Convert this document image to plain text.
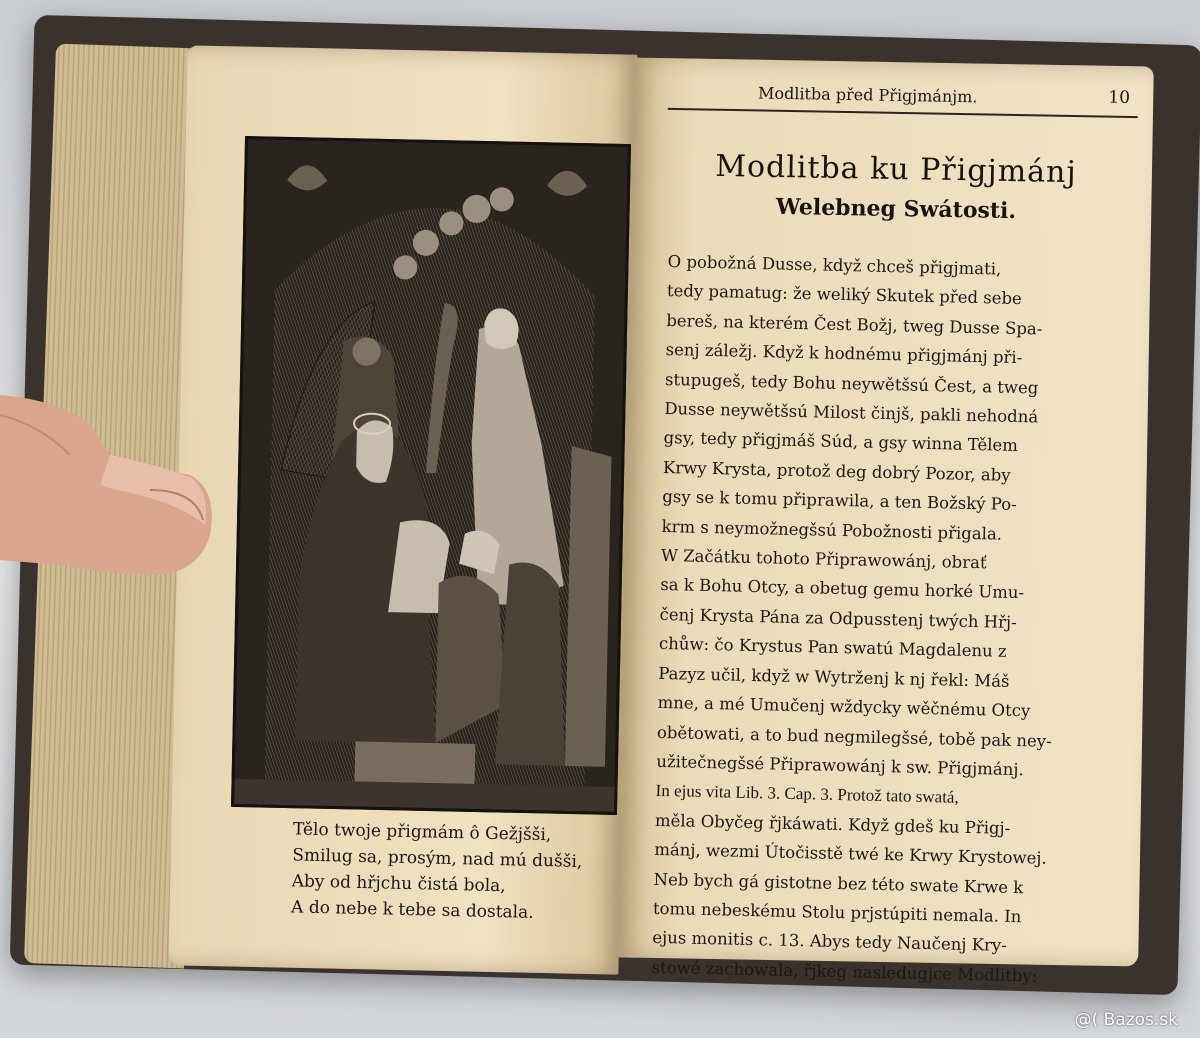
Tělo twoje přigmám ô Gežjšši,
Smilug sa, prosým, nad mú dušši,
Aby od hřjchu čistá bola,
A do nebe k tebe sa dostala.
Modlitba před Přigjmánjm.	10
Modlitba ku Přigjmánj
Welebneg Swátosti.
O pobožná Dusse, když chceš přigjmati,
tedy pamatug: že weliký Skutek před sebe
bereš, na kterém Čest Božj, tweg Dusse Spa-
senj záležj. Když k hodnému přigjmánj při-
stupugeš, tedy Bohu neywětšsú Čest, a tweg
Dusse neywětšsú Milost činjš, pakli nehodná
gsy, tedy přigjmáš Súd, a gsy winna Tělem
Krwy Krysta, protož deg dobrý Pozor, aby
gsy se k tomu připrawila, a ten Božský Po-
krm s neymožnegšsú Pobožnosti přigala.
W Začátku tohoto Připrawowánj, obrať
sa k Bohu Otcy, a obetug gemu horké Umu-
čenj Krysta Pána za Odpusstenj twých Hřj-
chůw: čo Krystus Pan swatú Magdalenu z
Pazyz učil, když w Wytrženj k nj řekl: Máš
mne, a mé Umučenj wždycky wěčnému Otcy
obětowati, a to bud negmilegšsé, tobě pak ney-
užitečnegšsé Připrawowánj k sw. Přigjmánj.
In ejus vita Lib. 3. Cap. 3. Protož tato swatá,
měla Obyčeg řjkáwati. Když gdeš ku Přigj-
mánj, wezmi Útočisstě twé ke Krwy Krystowej.
Neb bych gá gistotne bez této swate Krwe k
tomu nebeskému Stolu prjstúpiti nemala. In
ejus monitis c. 13. Abys tedy Naučenj Kry-
stowé zachowala, řjkeg nasledugjce Modlitby:
@( Bazos.sk
